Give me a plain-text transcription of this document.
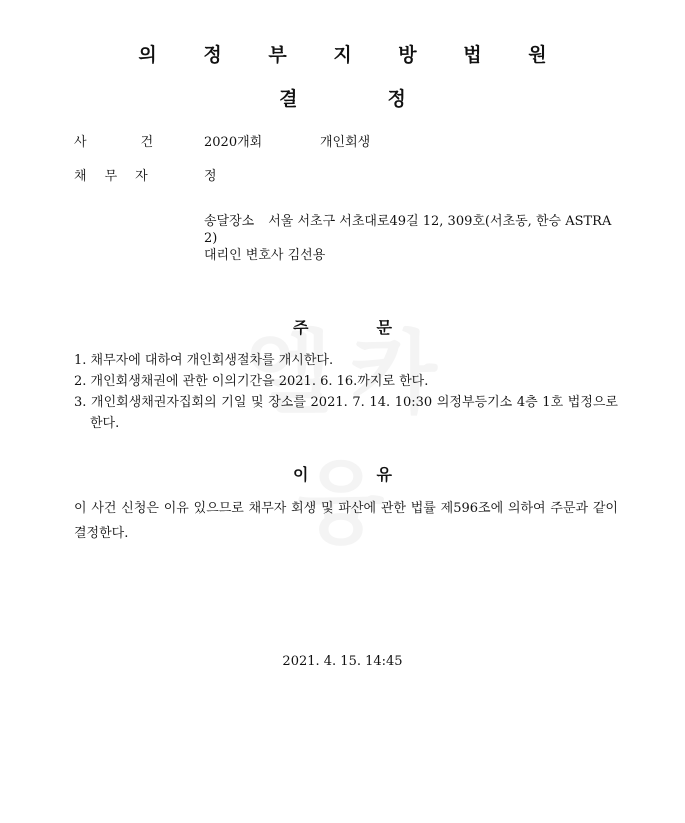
의 정 부 지 방 법 원
결	정
사	건	2020개회	개인회생
채 무 자	정
송달장소 서울 서초구 서초대로49길 12, 309호(서초동, 한승 ASTRA 2)
대리인 변호사 김선용
주	문
1. 채무자에 대하여 개인회생절차를 개시한다.
2. 개인회생채권에 관한 이의기간을 2021. 6. 16.까지로 한다.
3. 개인회생채권자집회의 기일 및 장소를 2021. 7. 14. 10:30 의정부등기소 4층 1호 법정으로 한다.
이	유
이 사건 신청은 이유 있으므로 채무자 회생 및 파산에 관한 법률 제596조에 의하여 주문과 같이 결정한다.
2021. 4. 15. 14:45
